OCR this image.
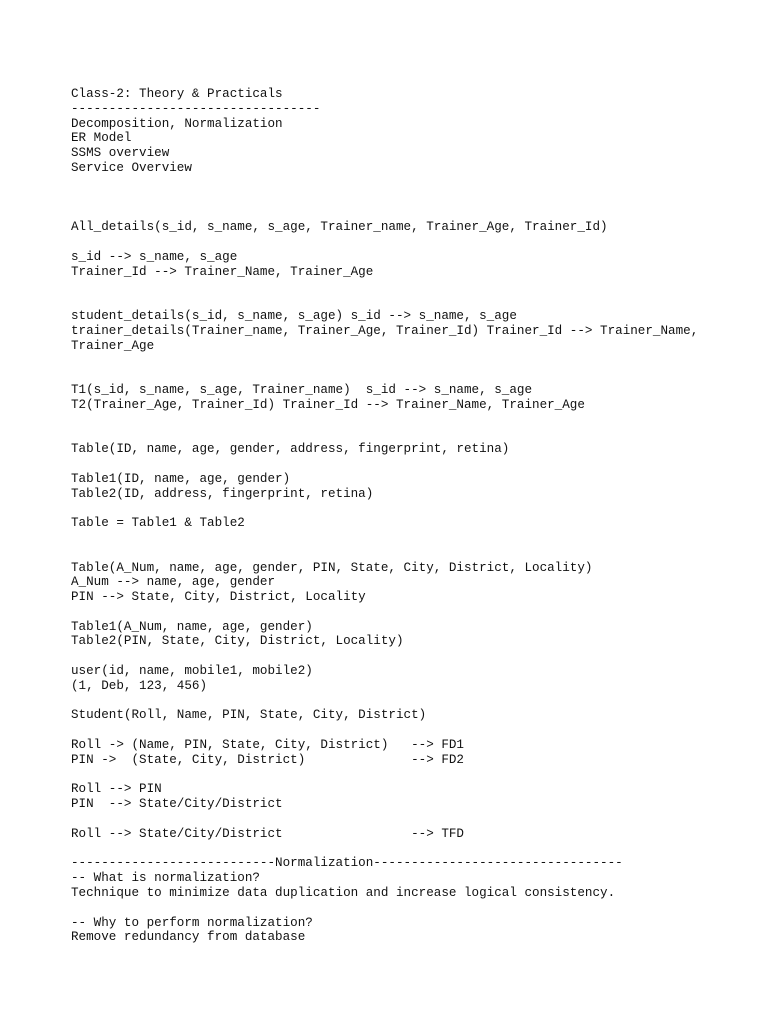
Class-2: Theory & Practicals
---------------------------------
Decomposition, Normalization
ER Model
SSMS overview
Service Overview
All_details(s_id, s_name, s_age, Trainer_name, Trainer_Age, Trainer_Id)
s_id --> s_name, s_age
Trainer_Id --> Trainer_Name, Trainer_Age
student_details(s_id, s_name, s_age) s_id --> s_name, s_age
trainer_details(Trainer_name, Trainer_Age, Trainer_Id) Trainer_Id --> Trainer_Name,
Trainer_Age
T1(s_id, s_name, s_age, Trainer_name)  s_id --> s_name, s_age
T2(Trainer_Age, Trainer_Id) Trainer_Id --> Trainer_Name, Trainer_Age
Table(ID, name, age, gender, address, fingerprint, retina)
Table1(ID, name, age, gender)
Table2(ID, address, fingerprint, retina)
Table = Table1 & Table2
Table(A_Num, name, age, gender, PIN, State, City, District, Locality)
A_Num --> name, age, gender
PIN --> State, City, District, Locality
Table1(A_Num, name, age, gender)
Table2(PIN, State, City, District, Locality)
user(id, name, mobile1, mobile2)
(1, Deb, 123, 456)
Student(Roll, Name, PIN, State, City, District)
Roll -> (Name, PIN, State, City, District)   --> FD1
PIN ->  (State, City, District)              --> FD2
Roll --> PIN
PIN  --> State/City/District
Roll --> State/City/District                 --> TFD
---------------------------Normalization---------------------------------
-- What is normalization?
Technique to minimize data duplication and increase logical consistency.
-- Why to perform normalization?
Remove redundancy from database
